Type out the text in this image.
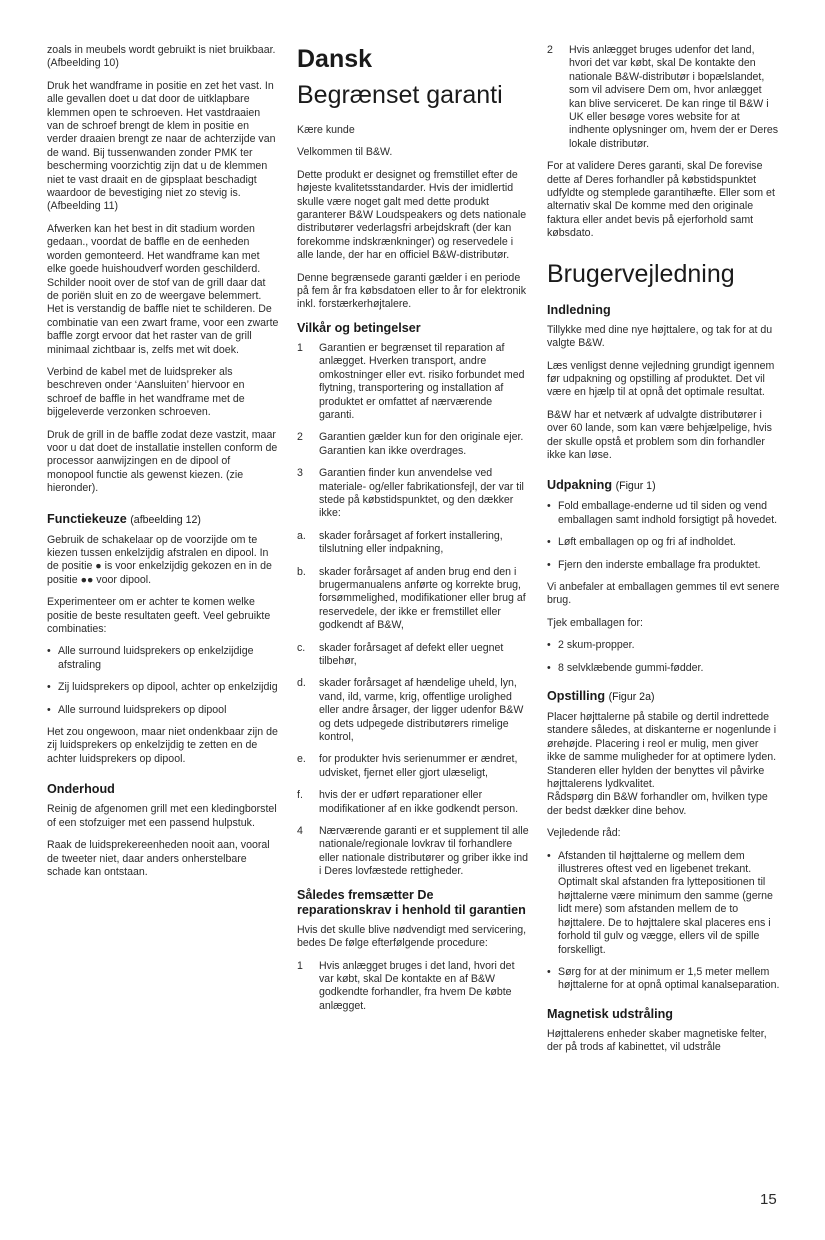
zoals in meubels wordt gebruikt is niet bruikbaar. (Afbeelding 10)

Druk het wandframe in positie en zet het vast. In alle gevallen doet u dat door de uitklapbare klemmen open te schroeven. Het vastdraaien van de schroef brengt de klem in positie en verder draaien brengt ze naar de achterzijde van de wand. Bij tussenwanden zonder PMK ter bescherming voorzichtig zijn dat u de klemmen niet te vast draait en de gipsplaat beschadigt waardoor de bevestiging niet zo stevig is. (Afbeelding 11)

Afwerken kan het best in dit stadium worden gedaan., voordat de baffle en de eenheden worden gemonteerd. Het wandframe kan met elke goede huishoudverf worden geschilderd. Schilder nooit over de stof van de grill daar dat de poriën sluit en zo de weergave belemmert. Het is verstandig de baffle niet te schilderen. De combinatie van een zwart frame, voor een zwarte baffle zorgt ervoor dat het raster van de grill minimaal zichtbaar is, zelfs met wit doek.

Verbind de kabel met de luidspreker als beschreven onder ‘Aansluiten’ hiervoor en schroef de baffle in het wandframe met de bijgeleverde verzonken schroeven.

Druk de grill in de baffle zodat deze vastzit, maar voor u dat doet de installatie instellen conform de processor aanwijzingen en de dipool of monopool functie als gewenst kiezen. (zie hieronder).

Functiekeuze (afbeelding 12)

Gebruik de schakelaar op de voorzijde om te kiezen tussen enkelzijdig afstralen en dipool. In de positie ● is voor enkelzijdig gekozen en in de positie ●● voor dipool.

Experimenteer om er achter te komen welke positie de beste resultaten geeft. Veel gebruikte combinaties:

• Alle surround luidsprekers op enkelzijdige afstraling
• Zij luidsprekers op dipool, achter op enkelzijdig
• Alle surround luidsprekers op dipool

Het zou ongewoon, maar niet ondenkbaar zijn de zij luidsprekers op enkelzijdig te zetten en de achter luidsprekers op dipool.

Onderhoud

Reinig de afgenomen grill met een kledingborstel of een stofzuiger met een passend hulpstuk.

Raak de luidsprekereenheden nooit aan, vooral de tweeter niet, daar anders onherstelbare schade kan ontstaan.

Dansk
Begrænset garanti

Kære kunde

Velkommen til B&W.

Dette produkt er designet og fremstillet efter de højeste kvalitetsstandarder. Hvis der imidlertid skulle være noget galt med dette produkt garanterer B&W Loudspeakers og dets nationale distributører vederlagsfri arbejdskraft (der kan forekomme indskrænkninger) og reservedele i alle lande, der har en officiel B&W-distributør.

Denne begrænsede garanti gælder i en periode på fem år fra købsdatoen eller to år for elektronik inkl. forstærkerhøjtalere.

Vilkår og betingelser
1	Garantien er begrænset til reparation af anlægget. Hverken transport, andre omkostninger eller evt. risiko forbundet med flytning, transportering og installation af produktet er omfattet af nærværende garanti.
2	Garantien gælder kun for den originale ejer. Garantien kan ikke overdrages.
3	Garantien finder kun anvendelse ved materiale- og/eller fabrikationsfejl, der var til stede på købstidspunktet, og den dækker ikke:
a.	skader forårsaget af forkert installering, tilslutning eller indpakning,
b.	skader forårsaget af anden brug end den i brugermanualens anførte og korrekte brug, forsømmelighed, modifikationer eller brug af reservedele, der ikke er fremstillet eller godkendt af B&W,
c.	skader forårsaget af defekt eller uegnet tilbehør,
d.	skader forårsaget af hændelige uheld, lyn, vand, ild, varme, krig, offentlige urolighed eller andre årsager, der ligger udenfor B&W og dets udpegede distributørers rimelige kontrol,
e.	for produkter hvis serienummer er ændret, udvisket, fjernet eller gjort ulæseligt,
f.	hvis der er udført reparationer eller modifikationer af en ikke godkendt person.
4	Nærværende garanti er et supplement til alle nationale/regionale lovkrav til forhandlere eller nationale distributører og griber ikke ind i Deres lovfæstede rettigheder.
Således fremsætter De reparationskrav i henhold til garantien

Hvis det skulle blive nødvendigt med servicering, bedes De følge efterfølgende procedure:

1	Hvis anlægget bruges i det land, hvori det var købt, skal De kontakte en af B&W godkendte forhandler, fra hvem De købte anlægget.
2	Hvis anlægget bruges udenfor det land, hvori det var købt, skal De kontakte den nationale B&W-distributør i bopælslandet, som vil advisere Dem om, hvor anlægget kan blive serviceret. De kan ringe til B&W i UK eller besøge vores website for at indhente oplysninger om, hvem der er Deres lokale distributør.

For at validere Deres garanti, skal De forevise dette af Deres forhandler på købstidspunktet udfyldte og stemplede garantihæfte. Eller som et alternativ skal De komme med den originale faktura eller andet bevis på ejerforhold samt købsdato.

Brugervejledning
Indledning

Tillykke med dine nye højttalere, og tak for at du valgte B&W.

Læs venligst denne vejledning grundigt igennem før udpakning og opstilling af produktet. Det vil være en hjælp til at opnå det optimale resultat.

B&W har et netværk af udvalgte distributører i over 60 lande, som kan være behjælpelige, hvis der skulle opstå et problem som din forhandler ikke kan løse.

Udpakning (Figur 1)
• Fold emballage-enderne ud til siden og vend emballagen samt indhold forsigtigt på hovedet.
• Løft emballagen op og fri af indholdet.
• Fjern den inderste emballage fra produktet.

Vi anbefaler at emballagen gemmes til evt senere brug.

Tjek emballagen for:

• 2 skum-propper.
• 8 selvklæbende gummi-fødder.
Opstilling (Figur 2a)

Placer højttalerne på stabile og dertil indrettede standere således, at diskanterne er nogenlunde i ørehøjde. Placering i reol er mulig, men giver ikke de samme muligheder for at optimere lyden. Standeren eller hylden der benyttes vil påvirke højttalerens lydkvalitet.
Rådspørg din B&W forhandler om, hvilken type der bedst dækker dine behov.

Vejledende råd:

• Afstanden til højttalerne og mellem dem illustreres oftest ved en ligebenet trekant. Optimalt skal afstanden fra lyttepositionen til højttalerne være minimum den samme (gerne lidt mere) som afstanden mellem de to højttalere. De to højttalere skal placeres ens i forhold til gulv og vægge, ellers vil de spille forskelligt.
• Sørg for at der minimum er 1,5 meter mellem højttalerne for at opnå optimal kanalseparation.
Magnetisk udstråling

Højttalerens enheder skaber magnetiske felter, der på trods af kabinettet, vil udstråle

15
